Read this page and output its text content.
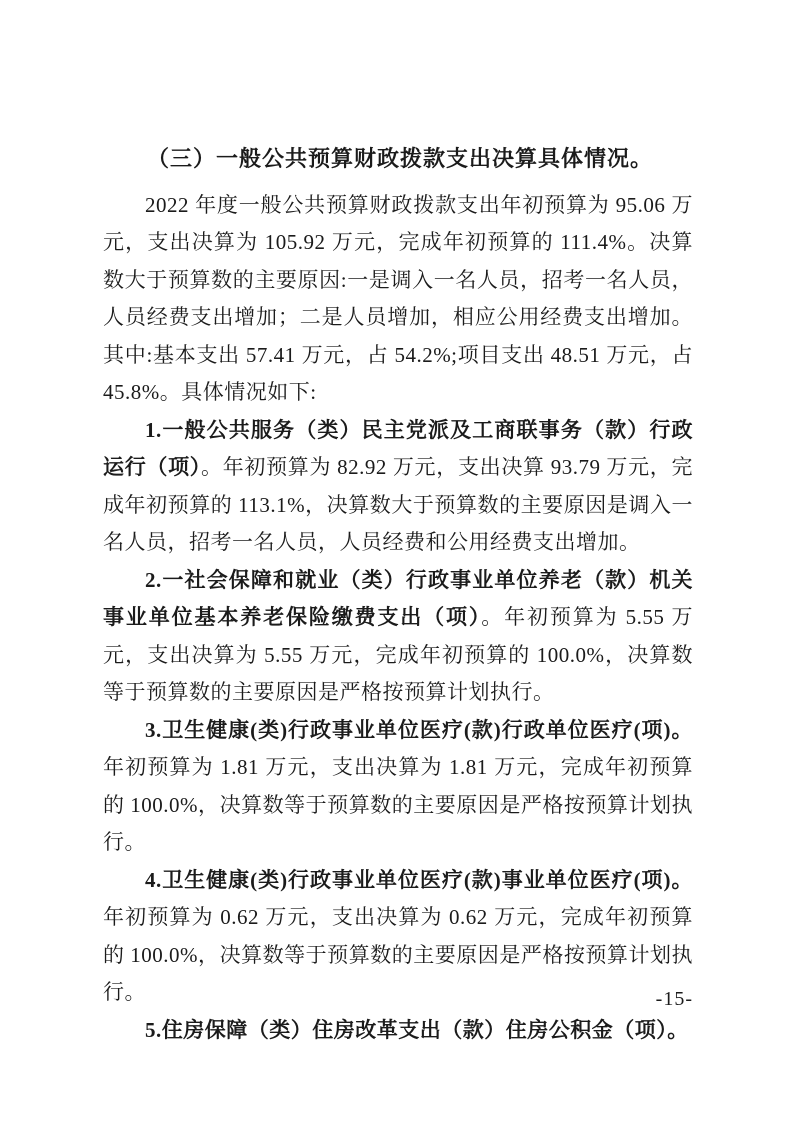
（三）一般公共预算财政拨款支出决算具体情况。

2022 年度一般公共预算财政拨款支出年初预算为 95.06 万元，支出决算为 105.92 万元，完成年初预算的 111.4%。决算数大于预算数的主要原因:一是调入一名人员，招考一名人员，人员经费支出增加；二是人员增加，相应公用经费支出增加。其中:基本支出 57.41 万元，占 54.2%;项目支出 48.51 万元，占 45.8%。具体情况如下:

1.一般公共服务（类）民主党派及工商联事务（款）行政运行（项）。年初预算为 82.92 万元，支出决算 93.79 万元，完成年初预算的 113.1%，决算数大于预算数的主要原因是调入一名人员，招考一名人员，人员经费和公用经费支出增加。

2.一社会保障和就业（类）行政事业单位养老（款）机关事业单位基本养老保险缴费支出（项）。年初预算为 5.55 万元，支出决算为 5.55 万元，完成年初预算的 100.0%，决算数等于预算数的主要原因是严格按预算计划执行。

3.卫生健康(类)行政事业单位医疗(款)行政单位医疗(项)。年初预算为 1.81 万元，支出决算为 1.81 万元，完成年初预算的 100.0%，决算数等于预算数的主要原因是严格按预算计划执行。

4.卫生健康(类)行政事业单位医疗(款)事业单位医疗(项)。年初预算为 0.62 万元，支出决算为 0.62 万元，完成年初预算的 100.0%，决算数等于预算数的主要原因是严格按预算计划执行。

5.住房保障（类）住房改革支出（款）住房公积金（项）。

-15-
